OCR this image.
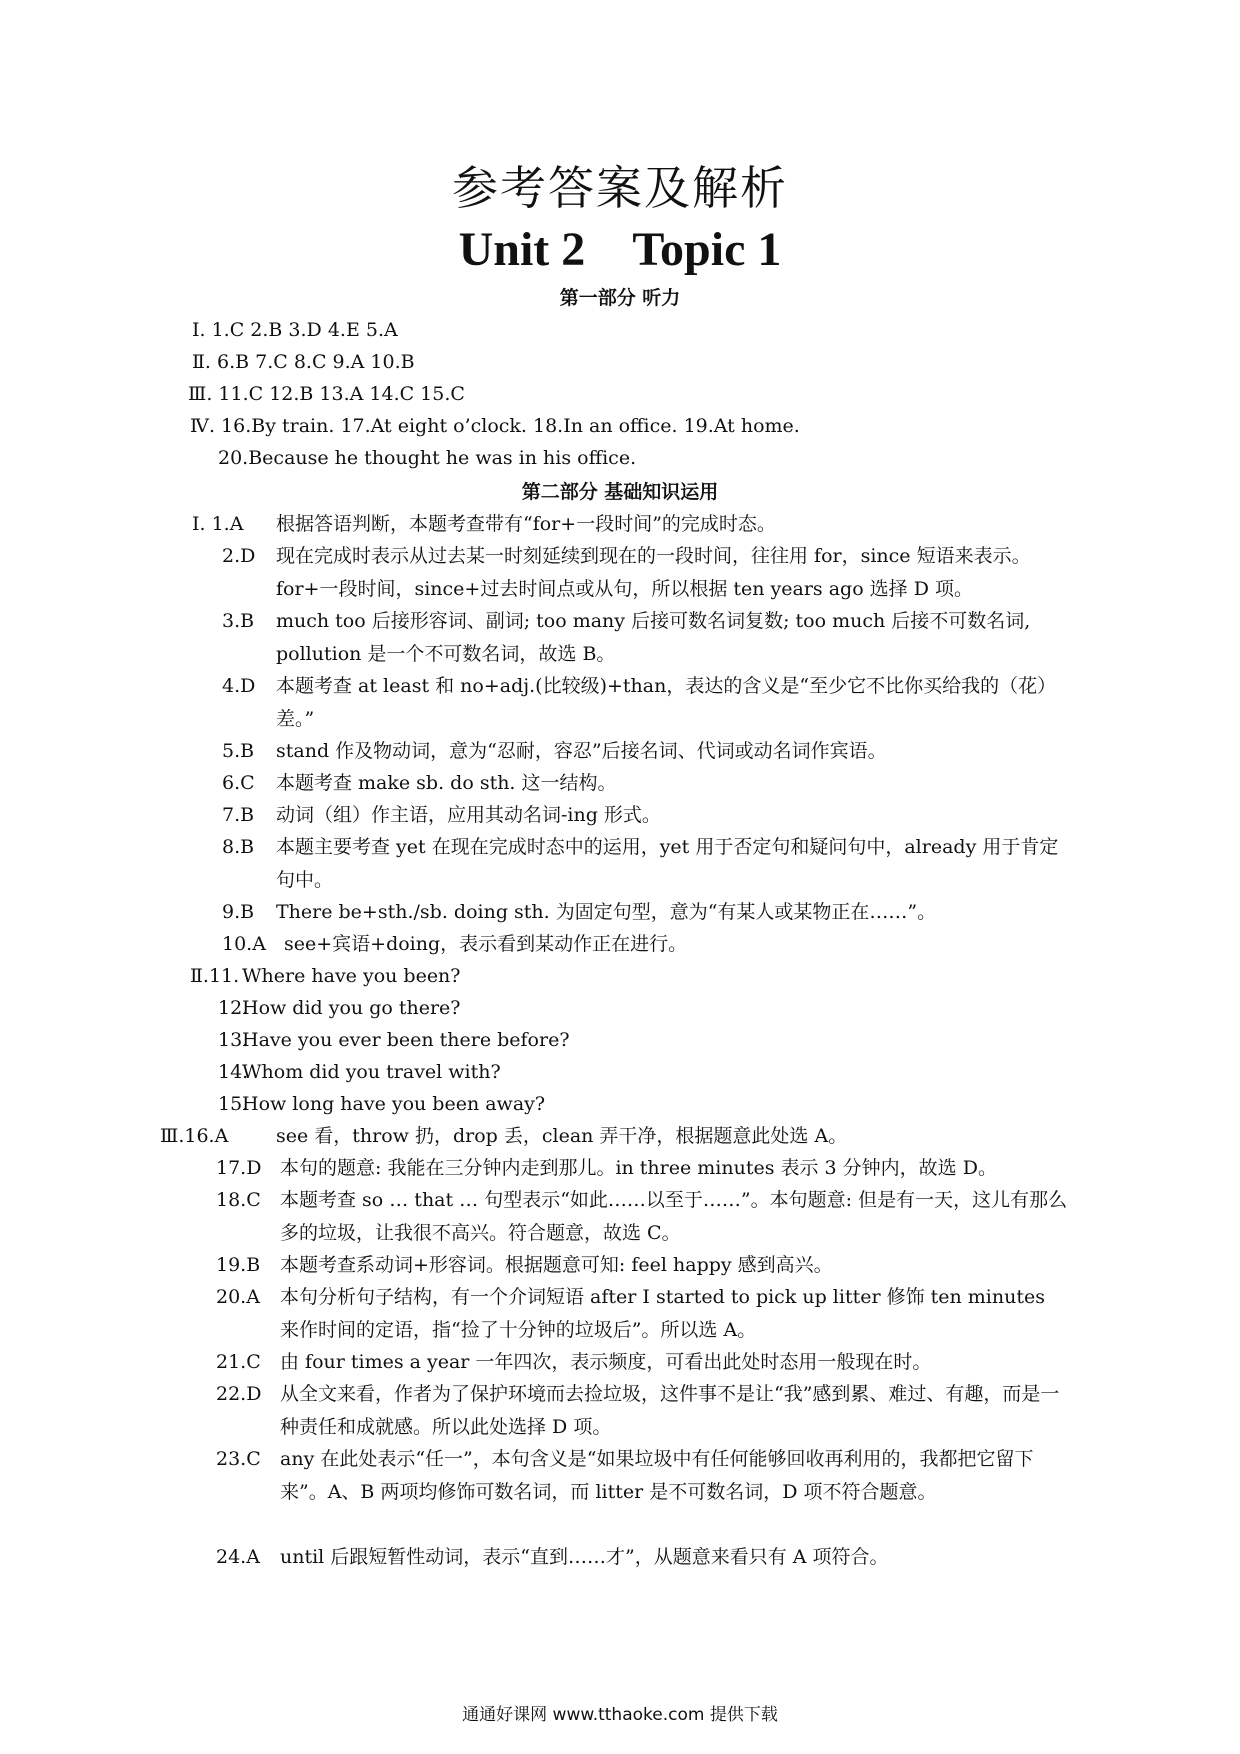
参考答案及解析
Unit 2    Topic 1
第一部分 听力
Ⅰ. 1.C 2.B 3.D 4.E 5.A
Ⅱ. 6.B 7.C 8.C 9.A 10.B
Ⅲ. 11.C 12.B 13.A 14.C 15.C
Ⅳ. 16.By train. 17.At eight o’clock. 18.In an office. 19.At home.
20.Because he thought he was in his office.
第二部分 基础知识运用
Ⅰ. 1.A 根据答语判断，本题考查带有“for+一段时间”的完成时态。
2.D 现在完成时表示从过去某一时刻延续到现在的一段时间，往往用 for，since 短语来表示。for+一段时间，since+过去时间点或从句，所以根据 ten years ago 选择 D 项。
3.B much too 后接形容词、副词; too many 后接可数名词复数; too much 后接不可数名词, pollution 是一个不可数名词，故选 B。
4.D 本题考查 at least 和 no+adj.(比较级)+than，表达的含义是“至少它不比你买给我的（花）差。”
5.B stand 作及物动词，意为“忍耐，容忍”后接名词、代词或动名词作宾语。
6.C 本题考查 make sb. do sth. 这一结构。
7.B 动词（组）作主语，应用其动名词-ing 形式。
8.B 本题主要考查 yet 在现在完成时态中的运用，yet 用于否定句和疑问句中，already 用于肯定句中。
9.B There be+sth./sb. doing sth. 为固定句型，意为“有某人或某物正在……”。
10.A see+宾语+doing，表示看到某动作正在进行。
Ⅱ.11. Where have you been?
12.
How did you go there?
13.
Have you ever been there before?
14.
Whom did you travel with?
15.
How long have you been away?
Ⅲ.16.A	see 看，throw 扔，drop 丢，clean 弄干净，根据题意此处选 A。
17.D 本句的题意: 我能在三分钟内走到那儿。in three minutes 表示 3 分钟内，故选 D。
18.C 本题考查 so … that … 句型表示“如此……以至于……”。本句题意: 但是有一天，这儿有那么多的垃圾，让我很不高兴。符合题意，故选 C。
19.B 本题考查系动词+形容词。根据题意可知: feel happy 感到高兴。
20.A 本句分析句子结构，有一个介词短语 after I started to pick up litter 修饰 ten minutes 来作时间的定语，指“捡了十分钟的垃圾后”。所以选 A。
21.C 由 four times a year 一年四次，表示频度，可看出此处时态用一般现在时。
22.D 从全文来看，作者为了保护环境而去捡垃圾，这件事不是让“我”感到累、难过、有趣，而是一种责任和成就感。所以此处选择 D 项。
23.C any 在此处表示“任一”，本句含义是“如果垃圾中有任何能够回收再利用的，我都把它留下来”。A、B 两项均修饰可数名词，而 litter 是不可数名词，D 项不符合题意。
24.A until 后跟短暂性动词，表示“直到……才”，从题意来看只有 A 项符合。
通通好课网 www.tthaoke.com 提供下载
